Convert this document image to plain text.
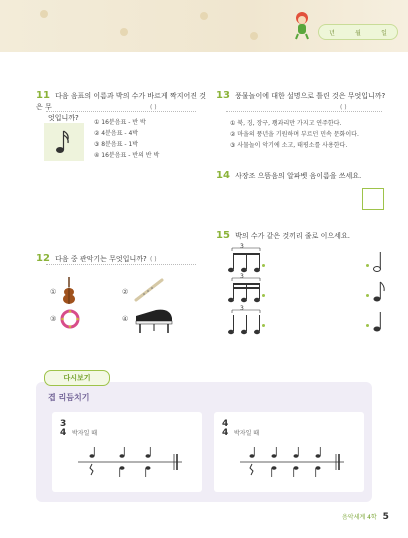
년	월	일
11 다음 음표의 이름과 박의 수가 바르게 짝지어진 것은 무
엇입니까?
( )
① 16분음표 - 반 박
② 4분음표 - 4박
③ 8분음표 - 1박
④ 16분음표 - 반의 반 박
12 다음 중 관악기는 무엇입니까? ( )
①	②
③	④
13 풍물놀이에 대한 설명으로 틀린 것은 무엇입니까?
( )
① 북, 징, 장구, 꽹과리만 가지고 연주한다.
② 마을의 풍년을 기원하며 부르던 민속 문화이다.
③ 사물놀이 악기에 소고, 태평소를 사용한다.
14 사장조 으뜸음의 알파벳 음이름을 쓰세요.
15 박의 수가 같은 것끼리 줄로 이으세요.
3
3
3
다시보기
겹 리듬치기
3
4 박자일 때
4
4 박자일 때
음악세계 4학 5
